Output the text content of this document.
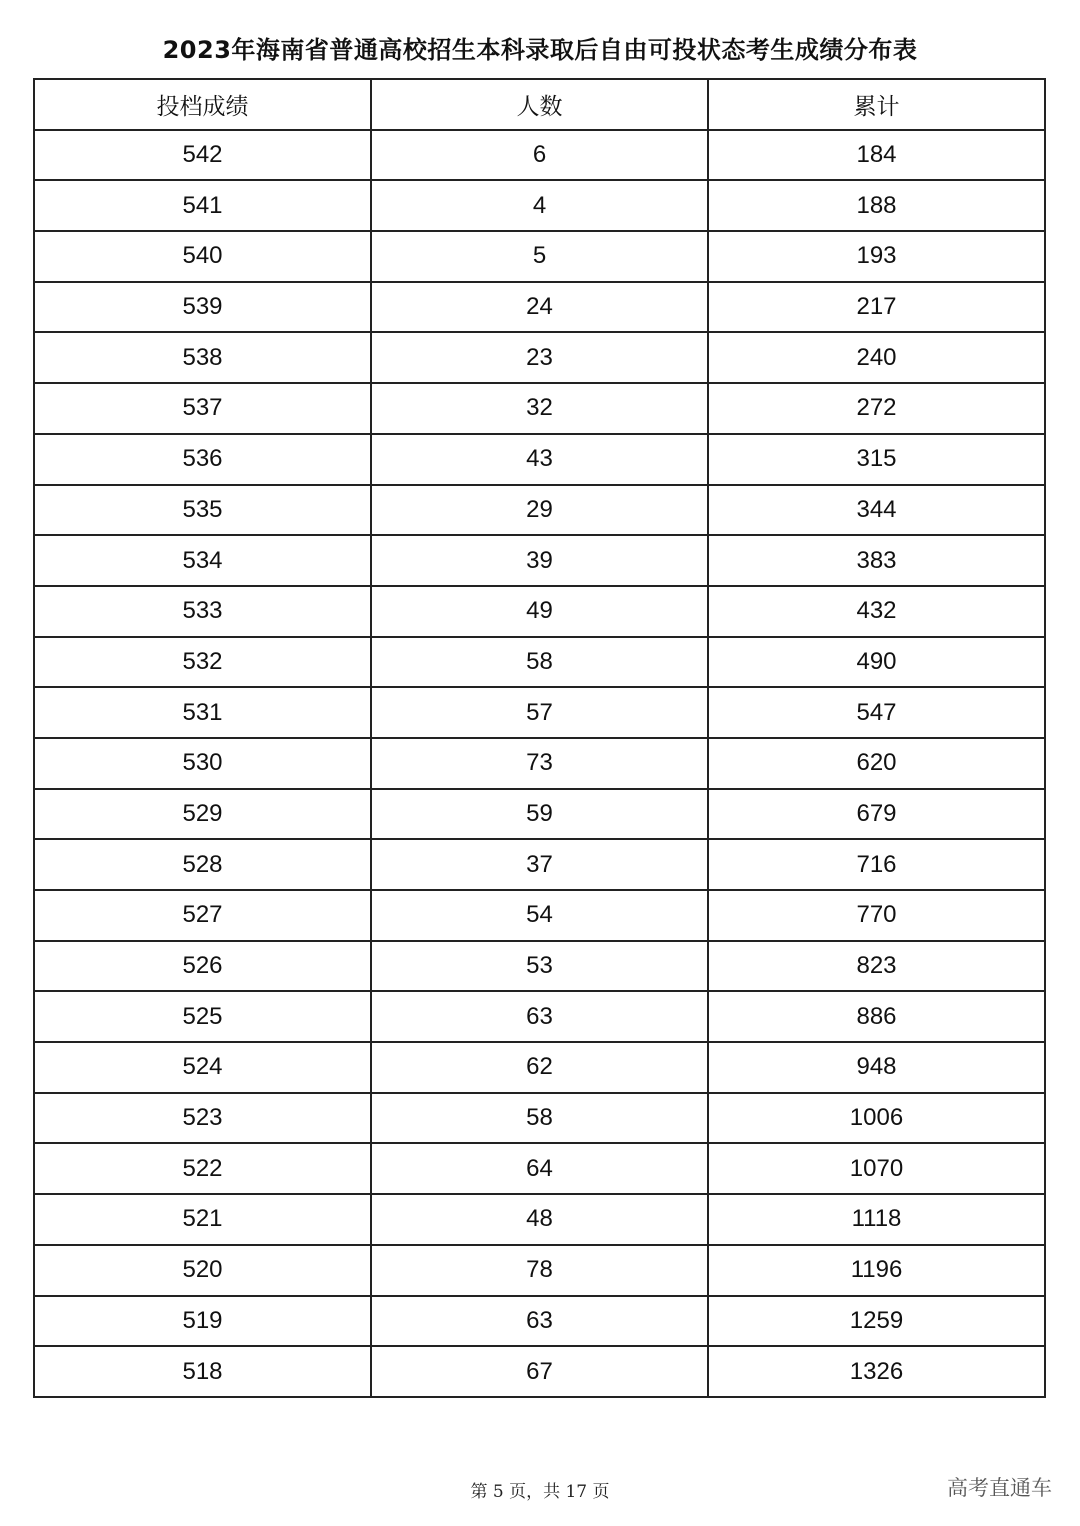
2023年海南省普通高校招生本科录取后自由可投状态考生成绩分布表
投档成绩	人数	累计
542	6	184
541	4	188
540	5	193
539	24	217
538	23	240
537	32	272
536	43	315
535	29	344
534	39	383
533	49	432
532	58	490
531	57	547
530	73	620
529	59	679
528	37	716
527	54	770
526	53	823
525	63	886
524	62	948
523	58	1006
522	64	1070
521	48	1118
520	78	1196
519	63	1259
518	67	1326
第 5 页，共 17 页	高考直通车
